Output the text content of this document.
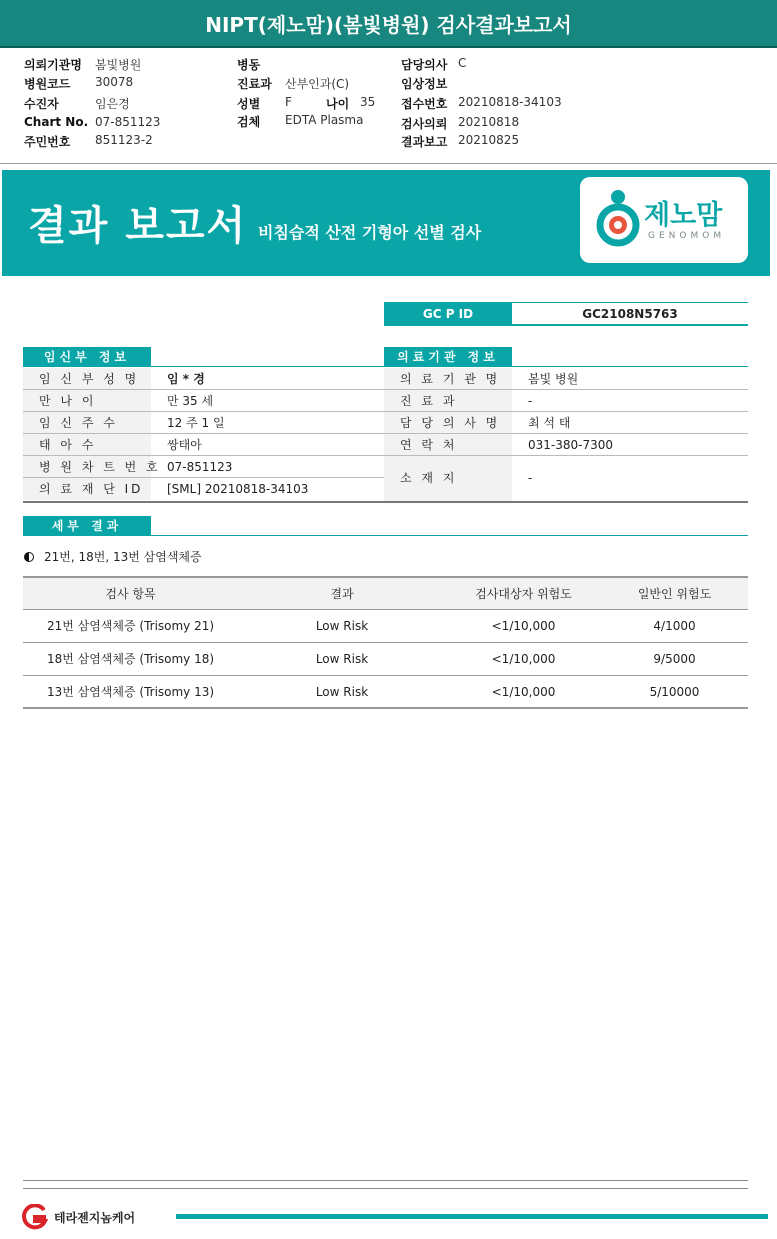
NIPT(제노맘)(봄빛병원) 검사결과보고서
의뢰기관명 봄빛병원
병원코드 30078
수진자	임은경
Chart No. 07-851123
주민번호 851123-2
병동
진료과 산부인과(C)
성별 F	나이 35
검체 EDTA Plasma
담당의사 C
임상정보
접수번호 20210818-34103
검사의뢰 20210818
결과보고 20210825
결과 보고서 비침습적 산전 기형아 선별 검사
제노맘
GENOMOM
GC P ID	GC2108N5763
임신부 정보
임 신 부 성 명	임 * 경
만 나 이	만 35 세
임 신 주 수	12 주 1 일
태 아 수	쌍태아
병 원 차 트 번 호 07-851123
의 료 재 단 ID	[SML] 20210818-34103
의료기관 정보
의 료 기 관 명	봄빛 병원
진 료 과	-
담 당 의 사 명	최 석 태
연 락 처	031-380-7300
소 재 지	-
세부 결과
21번, 18번, 13번 삼염색체증
검사 항목	결과	검사대상자 위험도	일반인 위험도
21번 삼염색체증 (Trisomy 21)	Low Risk	<1/10,000	4/1000
18번 삼염색체증 (Trisomy 18)	Low Risk	<1/10,000	9/5000
13번 삼염색체증 (Trisomy 13)	Low Risk	<1/10,000	5/10000
테라젠지놈케어
